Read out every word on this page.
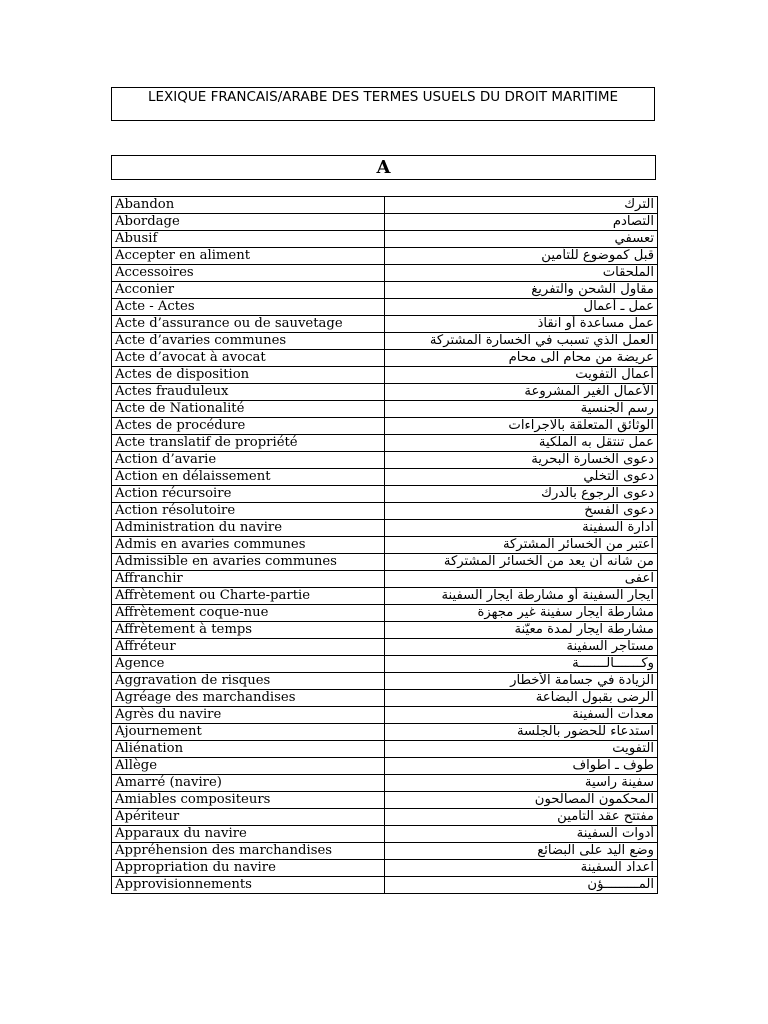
LEXIQUE FRANCAIS/ARABE DES TERMES USUELS DU DROIT MARITIME
A
Abandon	الترك
Abordage	التصادم
Abusif	تعسفي
Accepter en aliment	قبل كموضوع للتأمين
Accessoires	الملحقات
Acconier	مقاول الشحن والتفريغ
Acte - Actes	عمل ـ أعمال
Acte d’assurance ou de sauvetage	عمل مساعدة أو انقاذ
Acte d’avaries communes	العمل الذي تسبب في الخسارة المشتركة
Acte d’avocat à avocat	عريضة من محام الى محام
Actes de disposition	أعمال التفويت
Actes frauduleux	الأعمال الغير المشروعة
Acte de Nationalité	رسم الجنسية
Actes de procédure	الوثائق المتعلقة بالاجراءات
Acte translatif de propriété	عمل تنتقل به الملكية
Action d’avarie	دعوى الخسارة البحرية
Action en délaissement	دعوى التخلي
Action récursoire	دعوى الرجوع بالدرك
Action résolutoire	دعوى الفسخ
Administration du navire	ادارة السفينة
Admis en avaries communes	اعتبر من الخسائر المشتركة
Admissible en avaries communes	من شأنه أن يعد من الخسائر المشتركة
Affranchir	اعفى
Affrètement ou Charte-partie	ايجار السفينة أو مشارطة ايجار السفينة
Affrètement coque-nue	مشارطة ايجار سفينة غير مجهزة
Affrètement à temps	مشارطة ايجار لمدة معيّنة
Affréteur	مستأجر السفينة
Agence	وكـــــــالـــــــة
Aggravation de risques	الزيادة في جسامة الأخطار
Agréage des marchandises	الرضى بقبول البضاعة
Agrès du navire	معدات السفينة
Ajournement	استدعاء للحضور بالجلسة
Aliénation	التفويت
Allège	طوف ـ اطواف
Amarré (navire)	سفينة راسية
Amiables compositeurs	المحكمون المصالحون
Apériteur	مفتتح عقد التأمين
Apparaux du navire	أدوات السفينة
Appréhension des marchandises	وضع اليد على البضائع
Appropriation du navire	اعداد السفينة
Approvisionnements	المـــــــــؤن
